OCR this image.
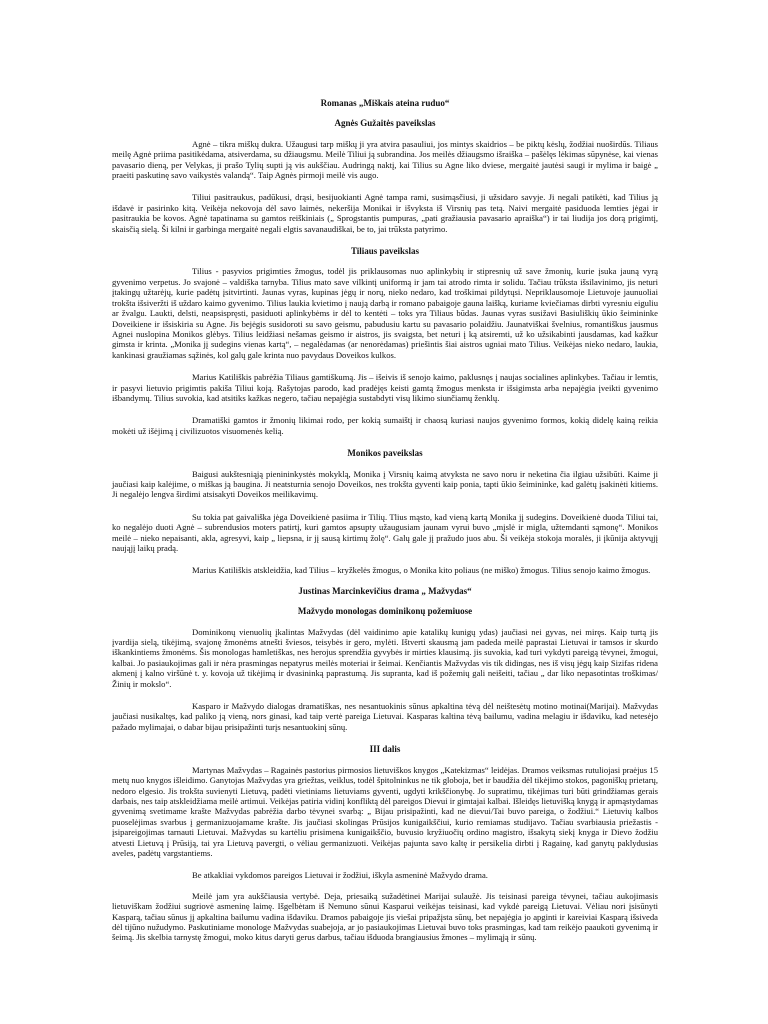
Romanas „Miškais ateina ruduo“
Agnės Gužaitės paveikslas

Agnė – tikra miškų dukra. Užaugusi tarp miškų ji yra atvira pasauliui, jos mintys skaidrios – be piktų kėslų, žodžiai nuoširdūs. Tiliaus meilę Agnė priima pasitikėdama, atsiverdama, su džiaugsmu. Meilė Tiliui ją subrandina. Jos meilės džiaugsmo išraiška – pašėlęs lėkimas sūpynėse, kai vienas pavasario dieną, per Velykas, ji prašo Tylių supti ją vis aukščiau. Audringą naktį, kai Tilius su Agne liko dviese, mergaitė jautėsi saugi ir mylima ir baigė „ praeiti paskutinę savo vaikystės valandą“. Taip Agnės pirmoji meilė vis augo.

Tiliui pasitraukus, padūkusi, drąsi, besijuokianti Agnė tampa rami, susimąsčiusi, ji užsidaro savyje. Ji negali patikėti, kad Tilius ją išdavė ir pasirinko kitą. Veikėja nekovoja dėl savo laimės, nekeršija Monikai ir išvyksta iš Virsnių pas tetą. Naivi mergaitė pasiduoda lemties jėgai ir pasitraukia be kovos. Agnė tapatinama su gamtos reiškiniais („ Sprogstantis pumpuras, „pati gražiausia pavasario apraiška“) ir tai liudija jos dorą prigimtį, skaisčią sielą. Ši kilni ir garbinga mergaitė negali elgtis savanaudiškai, be to, jai trūksta patyrimo.

Tiliaus paveikslas

Tilius - pasyvios prigimties žmogus, todėl jis priklausomas nuo aplinkybių ir stipresnių už save žmonių, kurie įsuka jauną vyrą gyvenimo verpetus. Jo svajonė – valdiška tarnyba. Tilius mato save vilkintį uniformą ir jam tai atrodo rimta ir solidu. Tačiau trūksta išsilavinimo, jis neturi įtakingų užtarėjų, kurie padėtų įsitvirtinti. Jaunas vyras, kupinas jėgų ir norų, nieko nedaro, kad troškimai pildytųsi. Nepriklausomoje Lietuvoje jaunuoliai trokšta išsiveržti iš uždaro kaimo gyvenimo. Tilius laukia kvietimo į naują darbą ir romano pabaigoje gauna laišką, kuriame kviečiamas dirbti vyresniu eiguliu ar žvalgu. Laukti, delsti, neapsispręsti, pasiduoti aplinkybėms ir dėl to kentėti – toks yra Tiliaus būdas. Jaunas vyras susižavi Basiuliškių ūkio šeimininke Doveikiene ir išsiskiria su Agne. Jis bejėgis susidoroti su savo geismu, pabudusiu kartu su pavasario polaidžiu. Jaunatviškai švelnius, romantiškus jausmus Agnei nuslopina Monikos glėbys. Tilius leidžiasi nešamas geismo ir aistros, jis svaigsta, bet neturi į ką atsiremti, už ko užsikabinti jausdamas, kad kažkur gimsta ir krinta. „Monika jį sudegins vienas kartą“, – negalėdamas (ar nenorėdamas) priešintis šiai aistros ugniai mato Tilius. Veikėjas nieko nedaro, laukia, kankinasi graužiamas sąžinės, kol galų gale krinta nuo pavydaus Doveikos kulkos.

Marius Katiliškis pabrėžia Tiliaus gamtiškumą. Jis – išeivis iš senojo kaimo, paklusnęs į naujas socialines aplinkybes. Tačiau ir lemtis, ir pasyvi lietuvio prigimtis pakiša Tiliui koją. Rašytojas parodo, kad pradėjęs keisti gamtą žmogus menksta ir išsigimsta arba nepajėgia įveikti gyvenimo išbandymų. Tilius suvokia, kad atsitiks kažkas negero, tačiau nepajėgia sustabdyti visų likimo siunčiamų ženklų.

Dramatiški gamtos ir žmonių likimai rodo, per kokią sumaištį ir chaosą kuriasi naujos gyvenimo formos, kokią didelę kainą reikia mokėti už išėjimą į civilizuotos visuomenės kelią.

Monikos paveikslas

Baigusi aukštesniąją pienininkystės mokyklą, Monika į Virsnių kaimą atvyksta ne savo noru ir neketina čia ilgiau užsibūti. Kaime ji jaučiasi kaip kalėjime, o miškas ją baugina. Ji neatsturnia senojo Doveikos, nes trokšta gyventi kaip ponia, tapti ūkio šeimininke, kad galėtų įsakinėti kitiems. Ji negalėjo lengva širdimi atsisakyti Doveikos meilikavimų.

Su tokia pat gaivališka jėga Doveikienė pasiima ir Tilių. Tlius mąsto, kad vieną kartą Monika jį sudegins. Doveikienė duoda Tiliui tai, ko negalėjo duoti Agnė – subrendusios moters patirtį, kuri gamtos apsupty užaugusiam jaunam vyrui buvo „mįslė ir migla, užtemdanti sąmonę“. Monikos meilė – nieko nepaisanti, akla, agresyvi, kaip „ liepsna, ir jį sausą kirtimų žolę“. Galų gale jį pražudo juos abu. Ši veikėja stokoja moralės, ji įkūnija aktyvųjį naująjį laikų pradą.

Marius Katiliškis atskleidžia, kad Tilius – kryžkelės žmogus, o Monika kito poliaus (ne miško) žmogus. Tilius senojo kaimo žmogus.

Justinas Marcinkevičius drama „ Mažvydas“
Mažvydo monologas dominikonų požemiuose

Dominikonų vienuolių įkalintas Mažvydas (dėl vaidinimo apie katalikų kunigų ydas) jaučiasi nei gyvas, nei miręs. Kaip turtą jis įvardija sielą, tikėjimą, svajonę žmonėms atnešti šviesos, teisybės ir gero, mylėti. Ištverti skausmą jam padeda meilė paprastai Lietuvai ir tamsos ir skurdo iškankintiems žmonėms. Šis monologas hamletiškas, nes herojus sprendžia gyvybės ir mirties klausimą. jis suvokia, kad turi vykdyti pareigą tėvynei, žmogui, kalbai. Jo pasiaukojimas gali ir nėra prasmingas nepatyrus meilės moteriai ir šeimai. Kenčiantis Mažvydas vis tik didingas, nes iš visų jėgų kaip Sizifas ridena akmenį į kalno viršūnė t. y. kovoja už tikėjimą ir dvasininką paprastumą. Jis supranta, kad iš požemių gali neišeiti, tačiau „ dar liko nepasotintas troškimas/Žinių ir mokslo“.

Kasparo ir Mažvydo dialogas dramatiškas, nes nesantuokinis sūnus apkaltina tėvą dėl neištesėtų motino motinai(Marijai). Mažvydas jaučiasi nusikaltęs, kad paliko ją vieną, nors ginasi, kad taip vertė pareiga Lietuvai. Kasparas kaltina tėvą bailumu, vadina melagiu ir išdaviku, kad netesėjo pažado mylimajai, o dabar bijau prisipažinti turįs nesantuokinį sūnų.

III dalis

Martynas Mažvydas – Ragainės pastorius pirmosios lietuviškos knygos „Katekizmas“ leidėjas. Dramos veiksmas rutuliojasi praėjus 15 metų nuo knygos išleidimo. Ganytojas Mažvydas yra griežtas, veiklus, todėl špitolninkus ne tik globoja, bet ir baudžia dėl tikėjimo stokos, pagoniškų prietarų, nedoro elgesio. Jis trokšta suvienyti Lietuvą, padėti vietiniams lietuviams gyventi, ugdyti krikščionybę. Jo supratimu, tikėjimas turi būti grindžiamas gerais darbais, nes taip atskleidžiama meilė artimui. Veikėjas patiria vidinį konfliktą dėl pareigos Dievui ir gimtajai kalbai. Išleidęs lietuvišką knygą ir apmąstydamas gyvenimą svetimame krašte Mažvydas pabrėžia darbo tėvynei svarbą: „ Bijau prisipažinti, kad ne dievui/Tai buvo pareiga, o žodžiui.“ Lietuvių kalbos puoselėjimas svarbus į germanizuojamame krašte. Jis jaučiasi skolingas Prūsijos kunigaikščiui, kurio remiamas studijavo. Tačiau svarbiausia priežastis - įsipareigojimas tarnauti Lietuvai. Mažvydas su kartėliu prisimena kunigaikščio, buvusio kryžiuočių ordino magistro, išsakytą siekį knyga ir Dievo žodžiu atvesti Lietuvą į Prūsiją, tai yra Lietuvą pavergti, o vėliau germanizuoti. Veikėjas pajunta savo kaltę ir persikelia dirbti į Ragainę, kad ganytų paklydusias aveles, padėtų vargstantiems.

Be atkakliai vykdomos pareigos Lietuvai ir žodžiui, iškyla asmeninė Mažvydo drama.

Meilė jam yra aukščiausia vertybė. Deja, priesaiką sužadėtinei Marijai sulaužė. Jis teisinasi pareiga tėvynei, tačiau aukojimasis lietuviškam žodžiui sugriovė asmeninę laimę. Išgelbėtam iš Nemuno sūnui Kasparui veikėjas teisinasi, kad vykdė pareigą Lietuvai. Vėliau nori įsisūnyti Kasparą, tačiau sūnus jį apkaltina bailumu vadina išdaviku. Dramos pabaigoje jis viešai pripažįsta sūnų, bet nepajėgia jo apginti ir kareiviai Kasparą išsiveda dėl tijūno nužudymo. Paskutiniame monologe Mažvydas suabejoja, ar jo pasiaukojimas Lietuvai buvo toks prasmingas, kad tam reikėjo paaukoti gyvenimą ir šeimą. Jis skelbia tarnystę žmogui, moko kitus daryti gerus darbus, tačiau išduoda brangiausius žmones – mylimąją ir sūnų.
